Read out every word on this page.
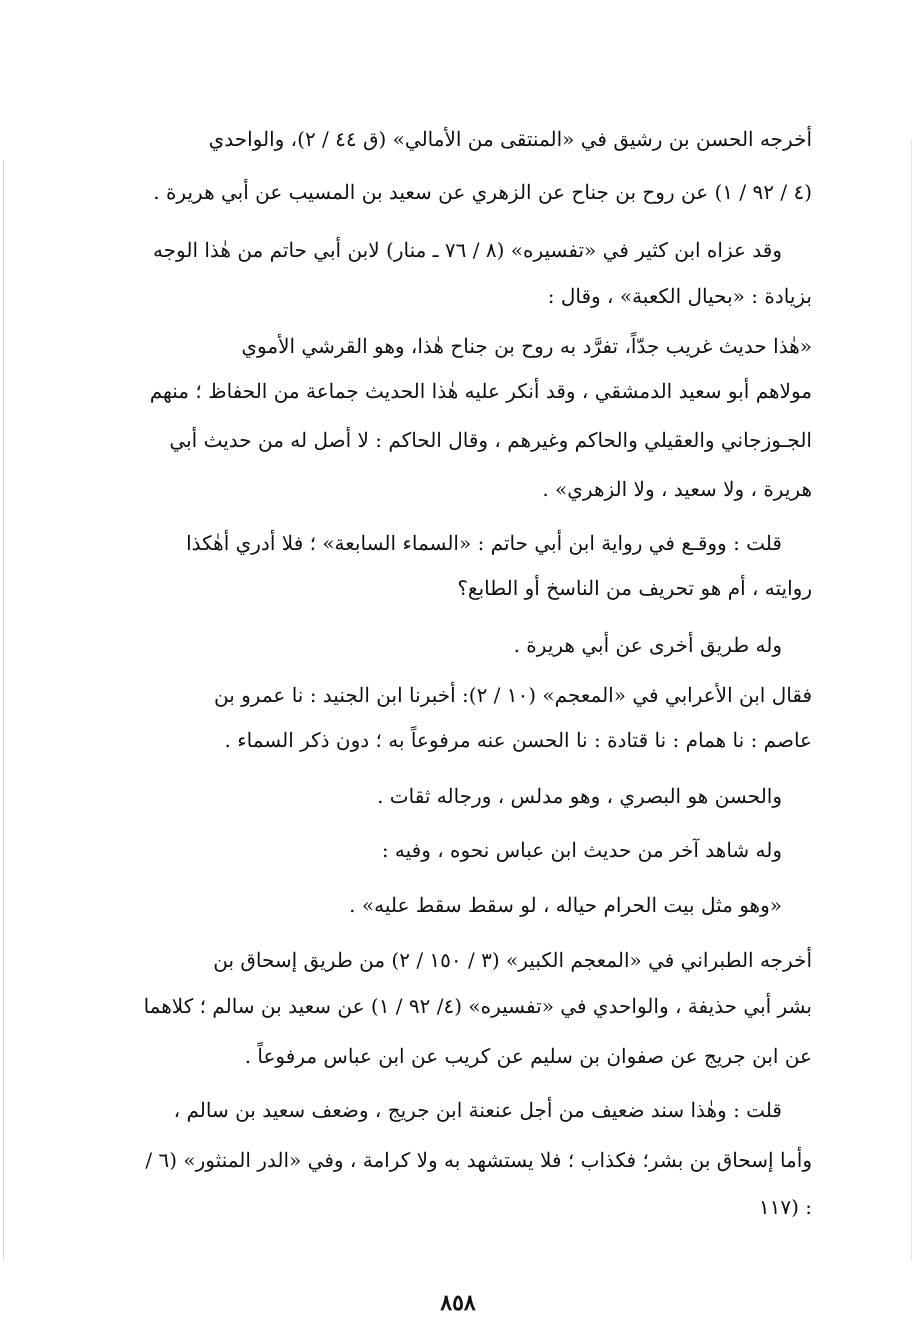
أخرجه الحسن بن رشيق في «المنتقى من الأمالي» (ق ٤٤ / ٢)، والواحدي
(٤ / ٩٢ / ١) عن روح بن جناح عن الزهري عن سعيد بن المسيب عن أبي هريرة .
وقد عزاه ابن كثير في «تفسيره» (٨ / ٧٦ ـ منار) لابن أبي حاتم من هٰذا الوجه
بزيادة : «بحيال الكعبة» ، وقال :
«هٰذا حديث غريب جدّاً، تفرَّد به روح بن جناح هٰذا، وهو القرشي الأموي
مولاهم أبو سعيد الدمشقي ، وقد أنكر عليه هٰذا الحديث جماعة من الحفاظ ؛ منهم
الجـوزجاني والعقيلي والحاكم وغيرهم ، وقال الحاكم : لا أصل له من حديث أبي
هريرة ، ولا سعيد ، ولا الزهري» .
قلت : ووقـع في رواية ابن أبي حاتم : «السماء السابعة» ؛ فلا أدري أهٰكذا
روايته ، أم هو تحريف من الناسخ أو الطابع؟
وله طريق أخرى عن أبي هريرة .
فقال ابن الأعرابي في «المعجم» (١٠ / ٢): أخبرنا ابن الجنيد : نا عمرو بن
عاصم : نا همام : نا قتادة : نا الحسن عنه مرفوعاً به ؛ دون ذكر السماء .
والحسن هو البصري ، وهو مدلس ، ورجاله ثقات .
وله شاهد آخر من حديث ابن عباس نحوه ، وفيه :
«وهو مثل بيت الحرام حياله ، لو سقط سقط عليه» .
أخرجه الطبراني في «المعجم الكبير» (٣ / ١٥٠ / ٢) من طريق إسحاق بن
بشر أبي حذيفة ، والواحدي في «تفسيره» (٤/ ٩٢ / ١) عن سعيد بن سالم ؛ كلاهما
عن ابن جريج عن صفوان بن سليم عن كريب عن ابن عباس مرفوعاً .
قلت : وهٰذا سند ضعيف من أجل عنعنة ابن جريج ، وضعف سعيد بن سالم ،
وأما إسحاق بن بشر؛ فكذاب ؛ فلا يستشهد به ولا كرامة ، وفي «الدر المنثور» (٦ /
١١٧) :
٨٥٨
